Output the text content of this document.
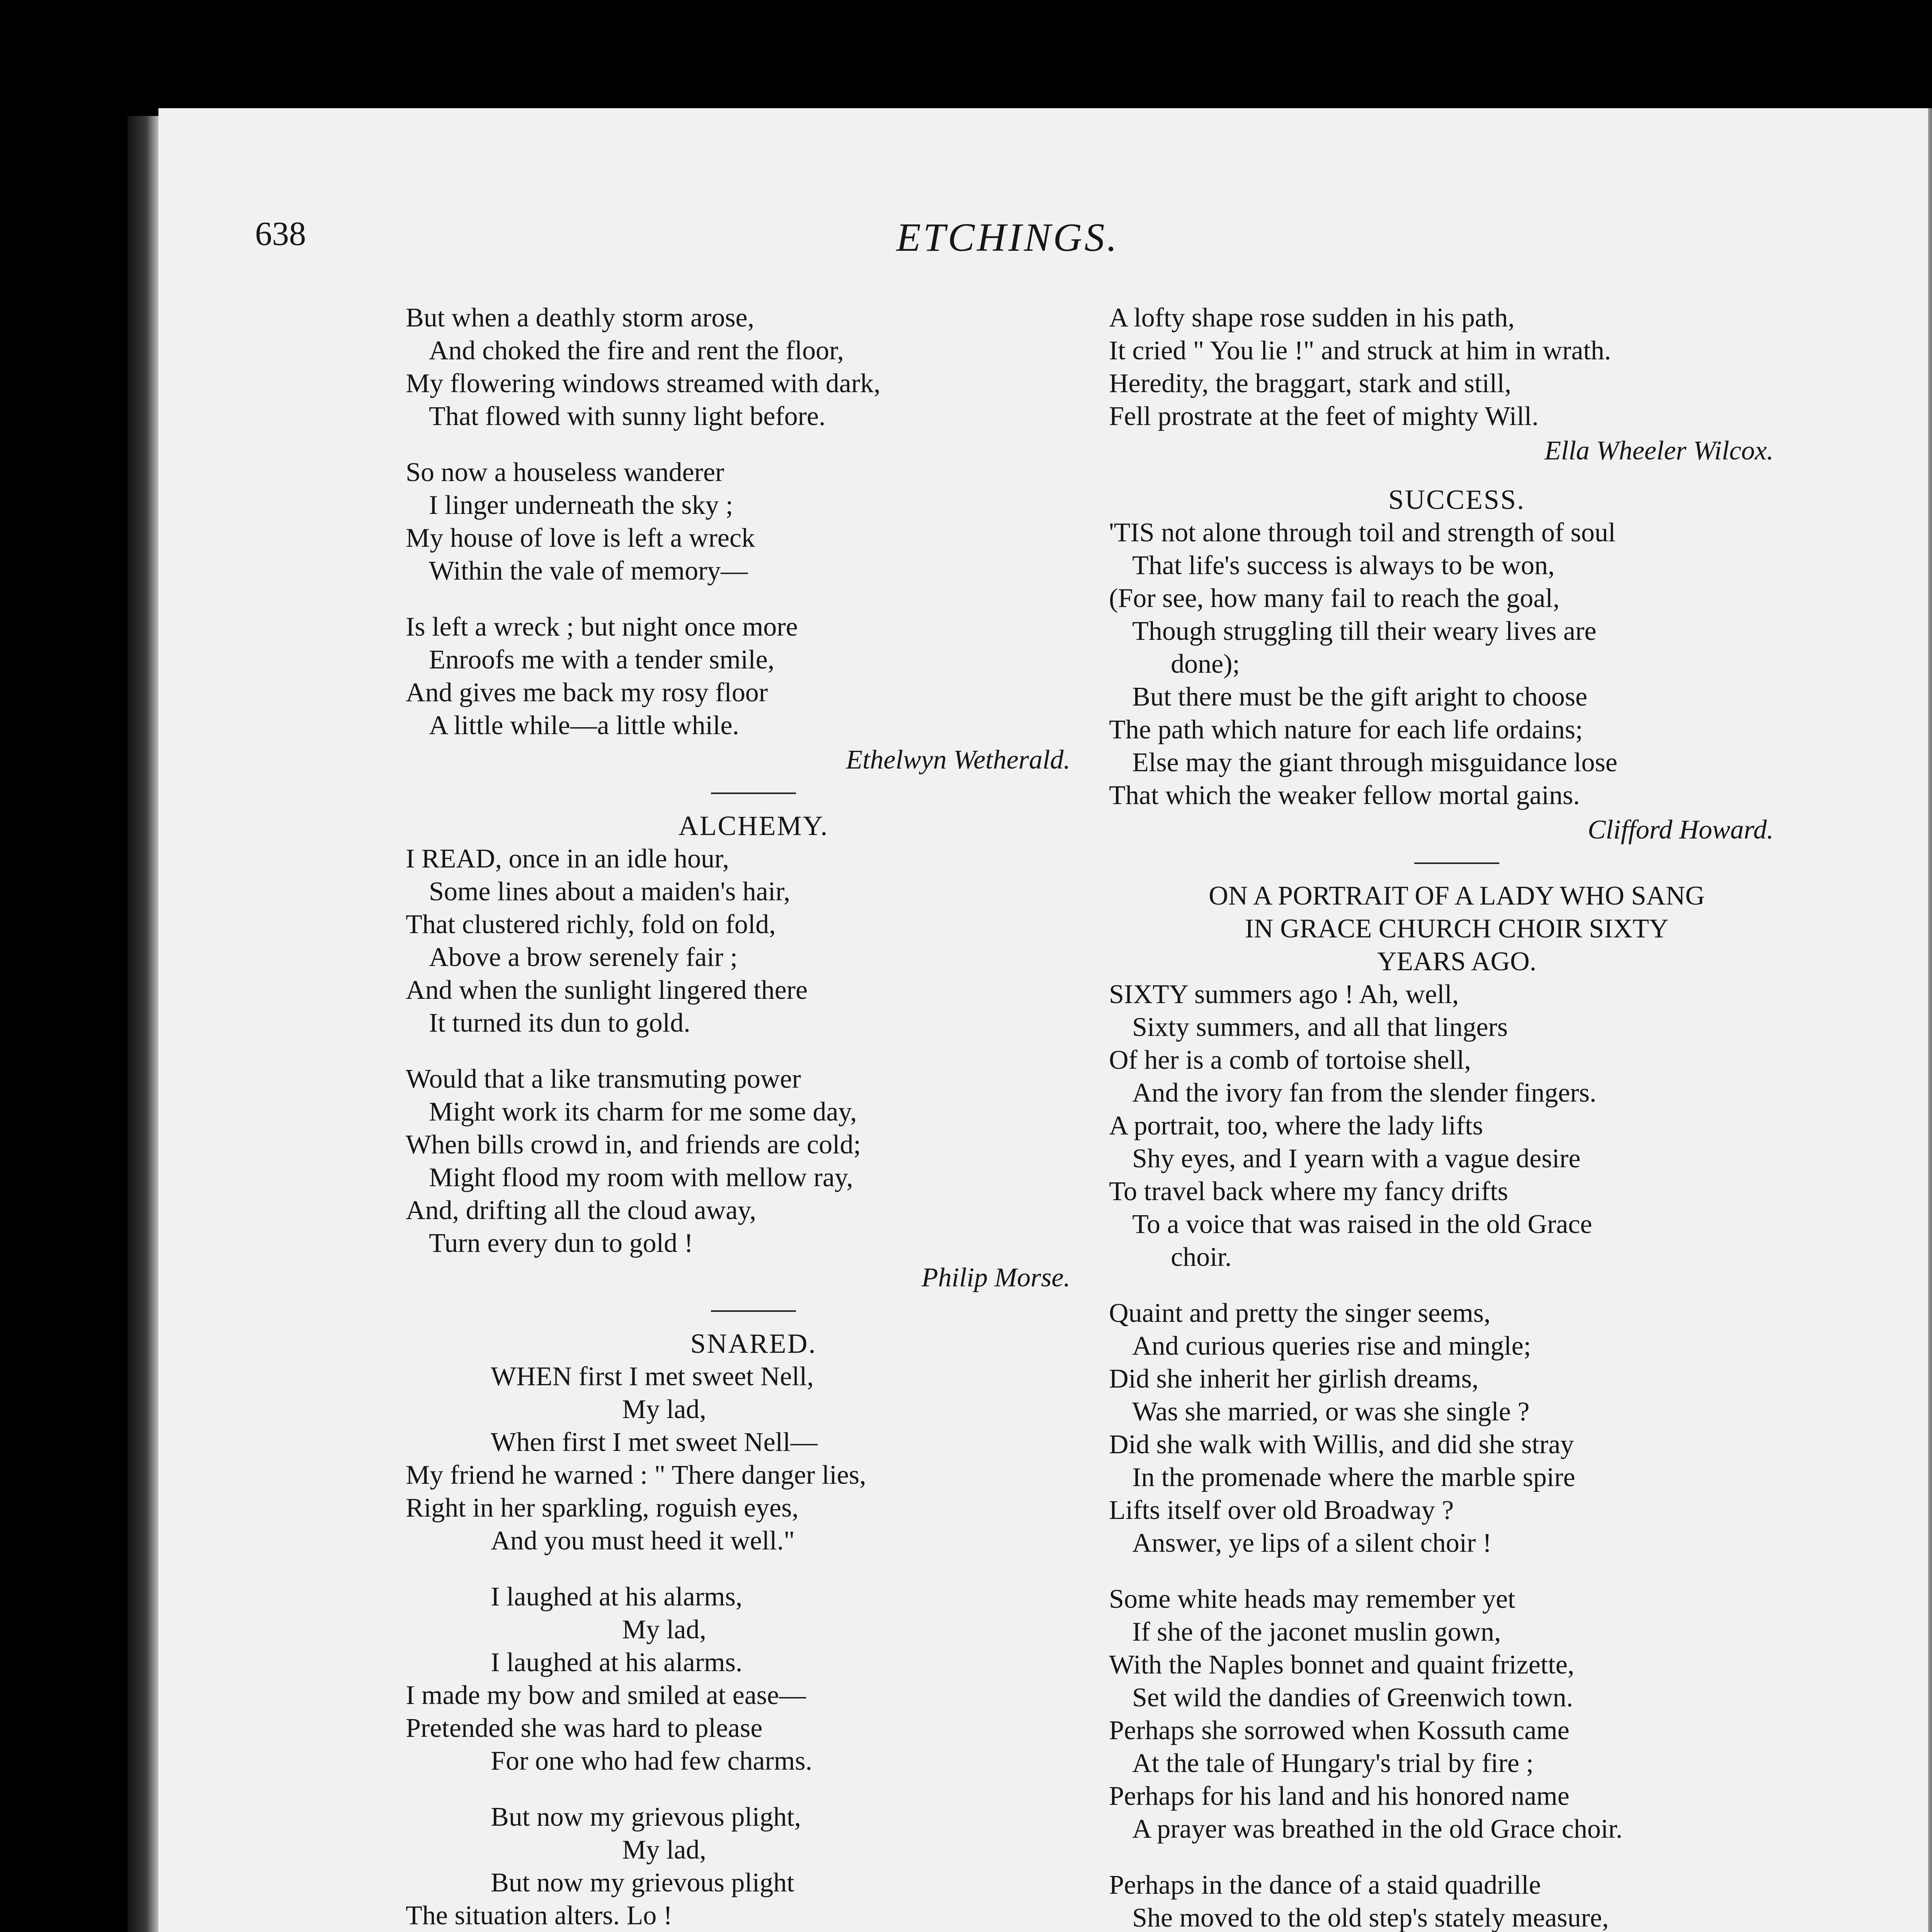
638	ETCHINGS.
But when a deathly storm arose,
And choked the fire and rent the floor,
My flowering windows streamed with dark,
That flowed with sunny light before.
So now a houseless wanderer
I linger underneath the sky ;
My house of love is left a wreck
Within the vale of memory—
Is left a wreck ; but night once more
Enroofs me with a tender smile,
And gives me back my rosy floor
A little while—a little while.
Ethelwyn Wetherald.
ALCHEMY.
I READ, once in an idle hour,
Some lines about a maiden's hair,
That clustered richly, fold on fold,
Above a brow serenely fair ;
And when the sunlight lingered there
It turned its dun to gold.
Would that a like transmuting power
Might work its charm for me some day,
When bills crowd in, and friends are cold;
Might flood my room with mellow ray,
And, drifting all the cloud away,
Turn every dun to gold !
Philip Morse.
SNARED.
WHEN first I met sweet Nell,
My lad,
When first I met sweet Nell—
My friend he warned : " There danger lies,
Right in her sparkling, roguish eyes,
And you must heed it well."
I laughed at his alarms,
My lad,
I laughed at his alarms.
I made my bow and smiled at ease—
Pretended she was hard to please
For one who had few charms.
But now my grievous plight,
My lad,
But now my grievous plight
The situation alters. Lo !
A lofty shape rose sudden in his path,
It cried " You lie !" and struck at him in wrath.
Heredity, the braggart, stark and still,
Fell prostrate at the feet of mighty Will.
Ella Wheeler Wilcox.
SUCCESS.
'TIS not alone through toil and strength of soul
That life's success is always to be won,
(For see, how many fail to reach the goal,
Though struggling till their weary lives are
done);
But there must be the gift aright to choose
The path which nature for each life ordains;
Else may the giant through misguidance lose
That which the weaker fellow mortal gains.
Clifford Howard.
ON A PORTRAIT OF A LADY WHO SANG
IN GRACE CHURCH CHOIR SIXTY
YEARS AGO.
SIXTY summers ago ! Ah, well,
Sixty summers, and all that lingers
Of her is a comb of tortoise shell,
And the ivory fan from the slender fingers.
A portrait, too, where the lady lifts
Shy eyes, and I yearn with a vague desire
To travel back where my fancy drifts
To a voice that was raised in the old Grace
choir.
Quaint and pretty the singer seems,
And curious queries rise and mingle;
Did she inherit her girlish dreams,
Was she married, or was she single ?
Did she walk with Willis, and did she stray
In the promenade where the marble spire
Lifts itself over old Broadway ?
Answer, ye lips of a silent choir !
Some white heads may remember yet
If she of the jaconet muslin gown,
With the Naples bonnet and quaint frizette,
Set wild the dandies of Greenwich town.
Perhaps she sorrowed when Kossuth came
At the tale of Hungary's trial by fire ;
Perhaps for his land and his honored name
A prayer was breathed in the old Grace choir.
Perhaps in the dance of a staid quadrille
She moved to the old step's stately measure,
